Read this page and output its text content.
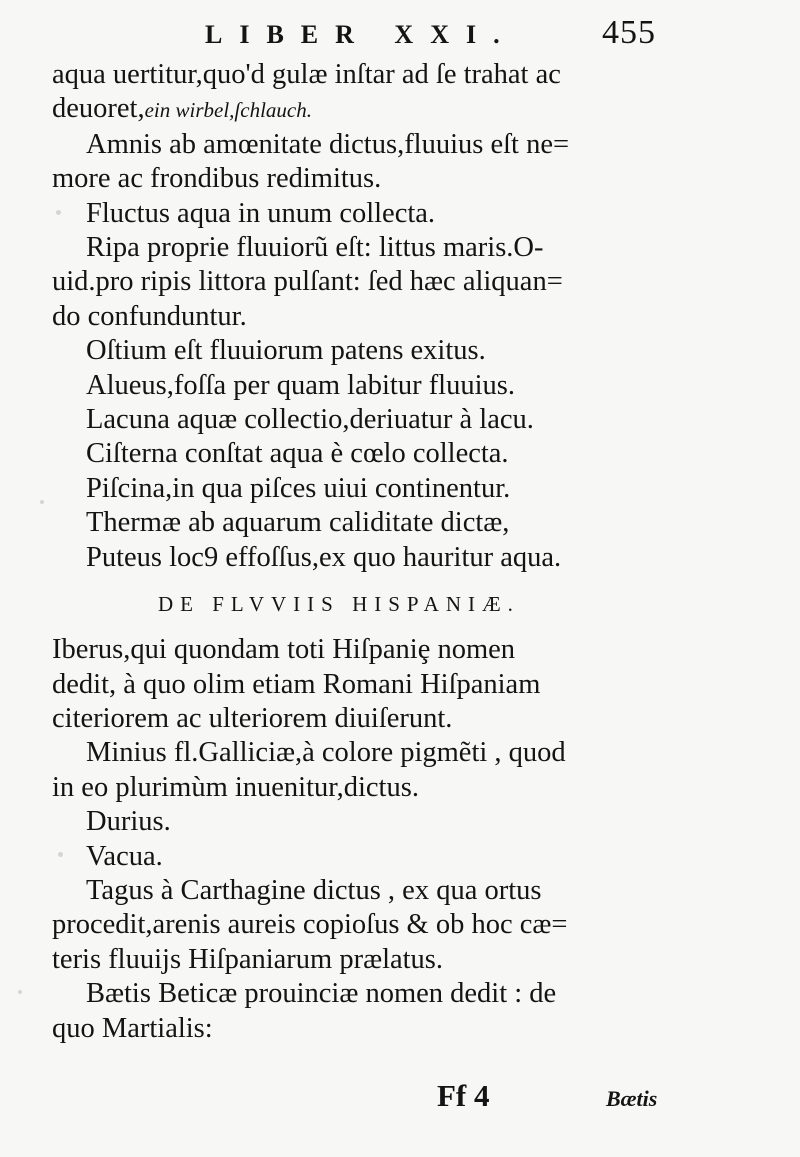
LIBER XXI.	455
aqua uertitur,quo'd gulæ inſtar ad ſe trahat ac
deuoret,ein wirbel,ſchlauch.
Amnis ab amœnitate dictus,fluuius eſt ne=
more ac frondibus redimitus.
Fluctus aqua in unum collecta.
Ripa proprie fluuiorũ eſt: littus maris.O-
uid.pro ripis littora pulſant: ſed hæc aliquan=
do confunduntur.
Oſtium eſt fluuiorum patens exitus.
Alueus,foſſa per quam labitur fluuius.
Lacuna aquæ collectio,deriuatur à lacu.
Ciſterna conſtat aqua è cœlo collecta.
Piſcina,in qua piſces uiui continentur.
Thermæ ab aquarum caliditate dictæ,
Puteus loc9 effoſſus,ex quo hauritur aqua.
DE FLVVIIS HISPANIÆ.
Iberus,qui quondam toti Hiſpaniȩ nomen
dedit, à quo olim etiam Romani Hiſpaniam
citeriorem ac ulteriorem diuiſerunt.
Minius fl.Galliciæ,à colore pigmẽti , quod
in eo plurimùm inuenitur,dictus.
Durius.
Vacua.
Tagus à Carthagine dictus , ex qua ortus
procedit,arenis aureis copioſus & ob hoc cæ=
teris fluuijs Hiſpaniarum prælatus.
Bætis Beticæ prouinciæ nomen dedit : de
quo Martialis:
Ff 4	Bætis
